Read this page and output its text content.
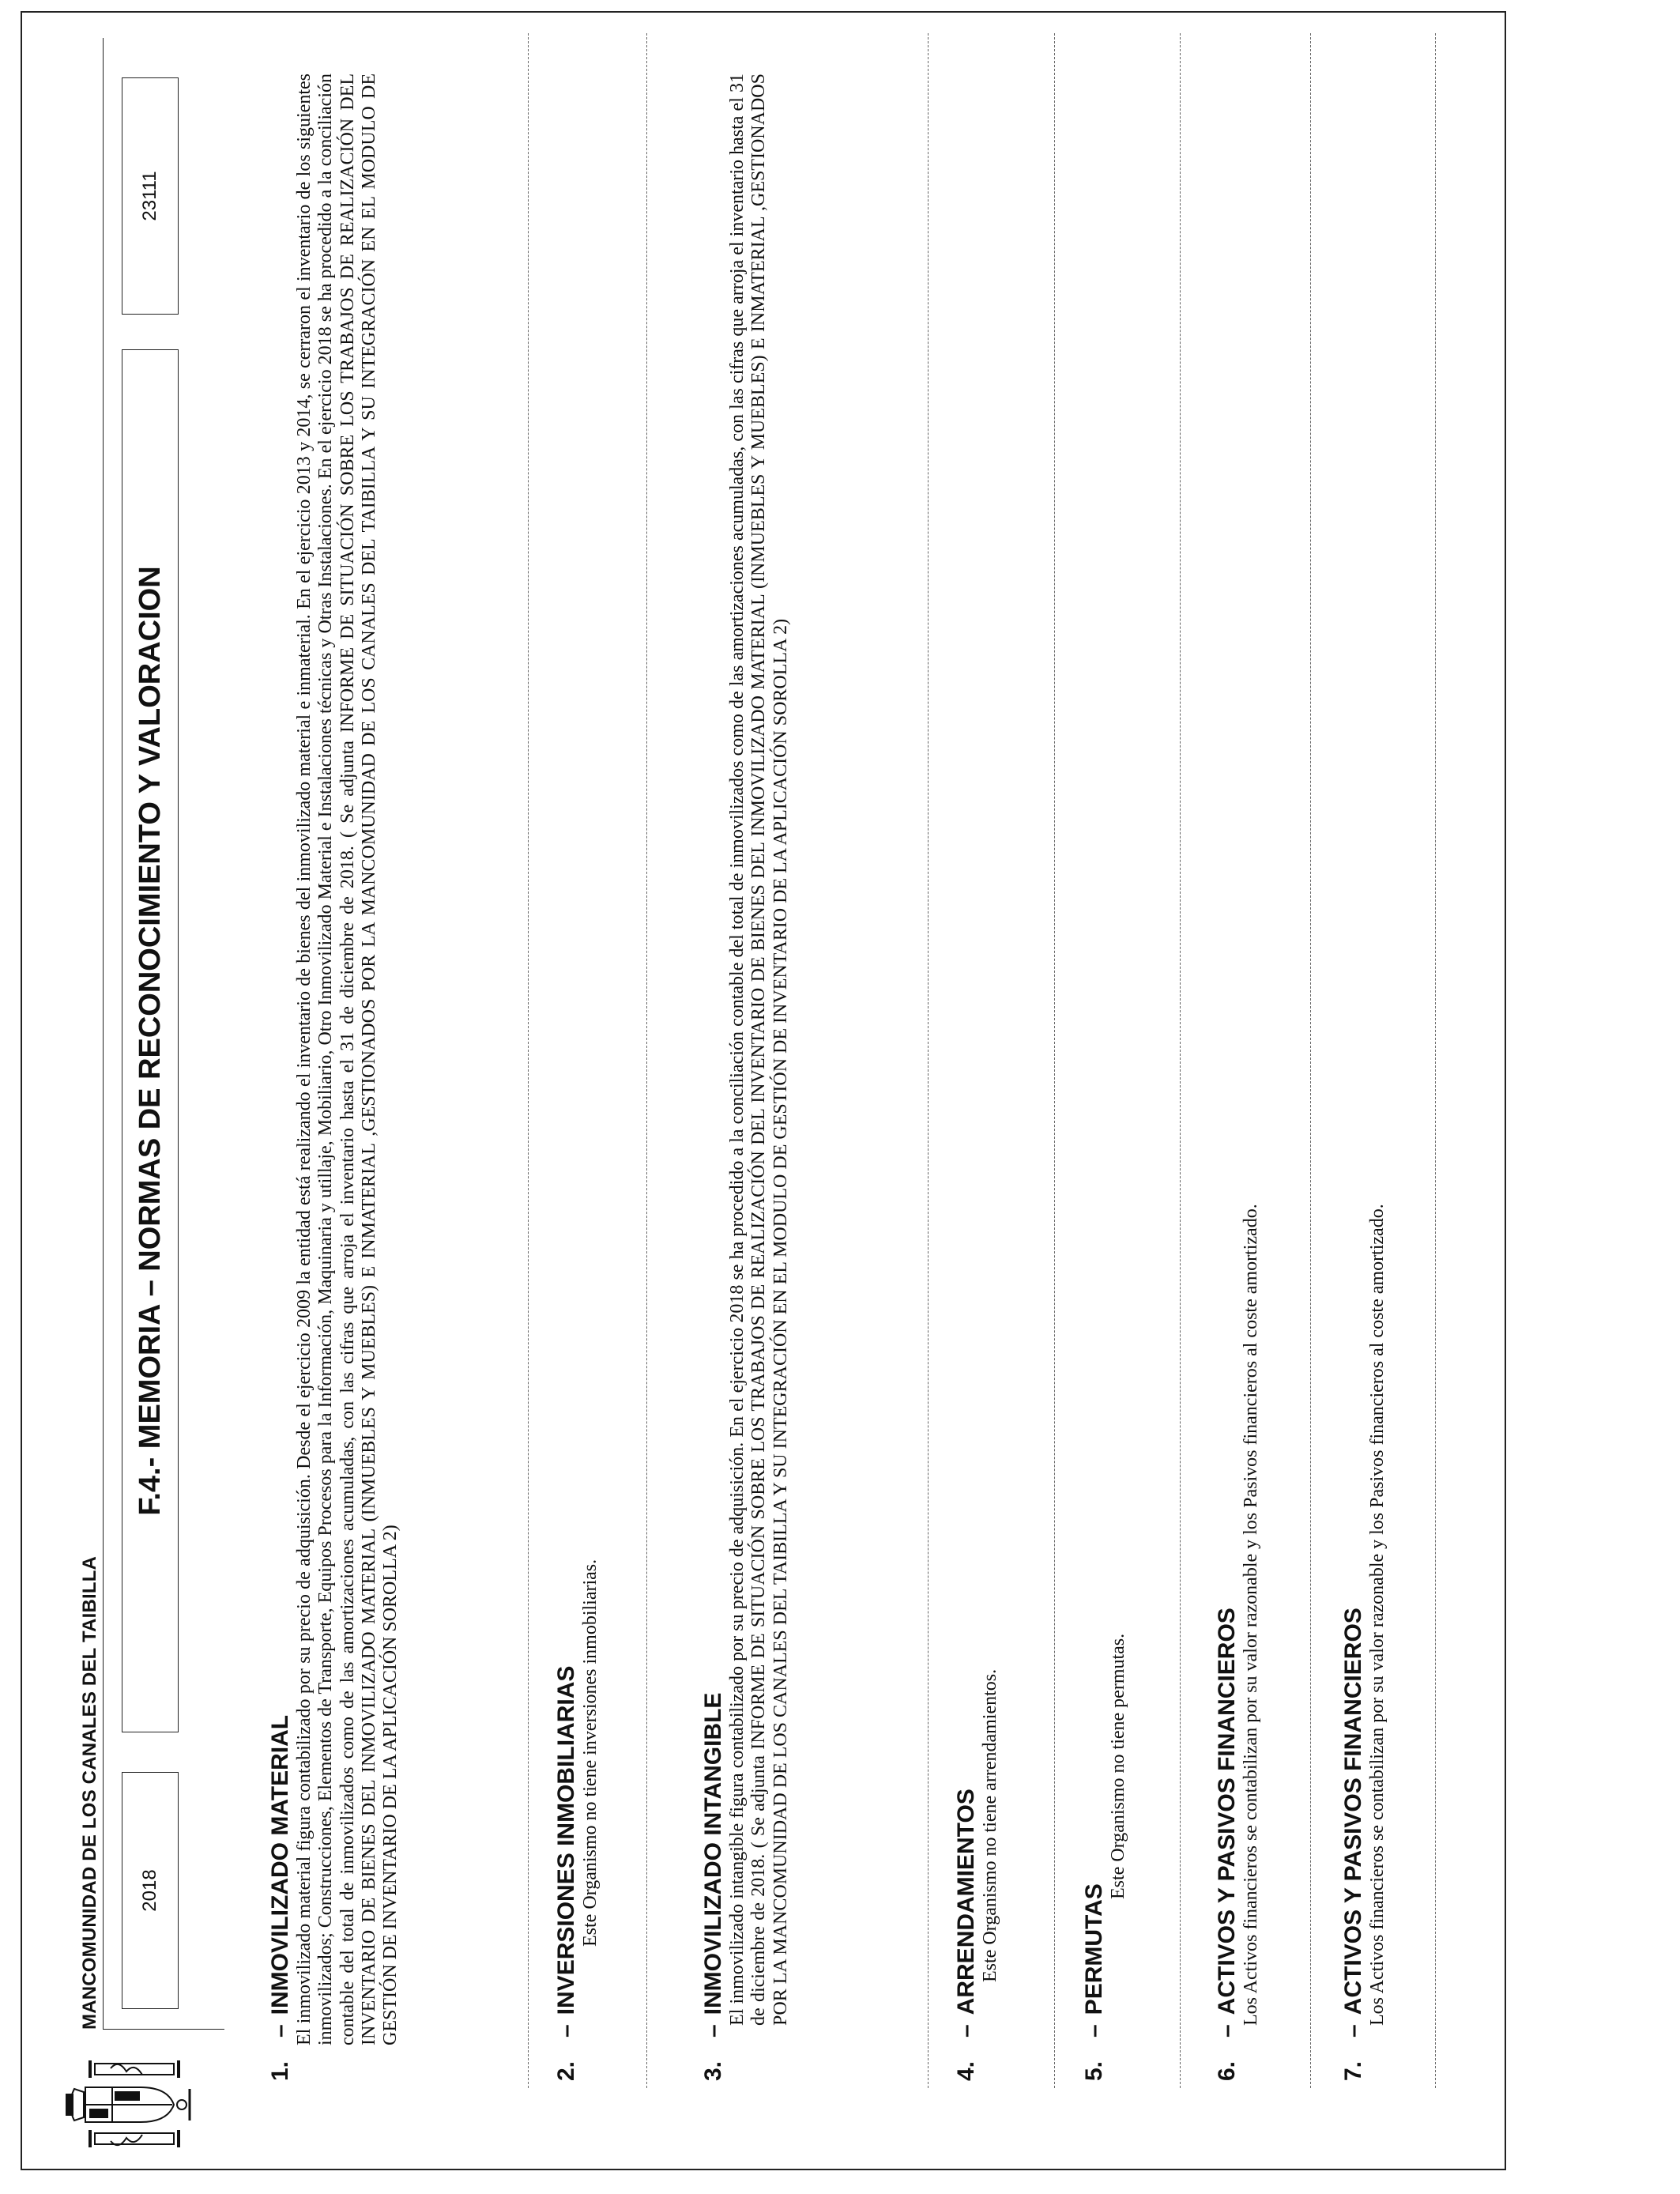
MANCOMUNIDAD DE LOS CANALES DEL TAIBILLA	2018
F.4.- MEMORIA – NORMAS DE RECONOCIMIENTO Y VALORACION
23111
1.
–
INMOVILIZADO MATERIAL El inmovilizado material figura contabilizado por su precio de adquisición. Desde el ejercicio 2009 la entidad está realizando el inventario de bienes del inmovilizado material e inmaterial. En el ejercicio 2013 y 2014, se cerraron el inventario de los siguientes inmovilizados; Construcciones, Elementos de Transporte, Equipos Procesos para la Información, Maquinaria y utillaje, Mobiliario, Otro Inmovilizado Material e Instalaciones técnicas y Otras Instalaciones. En el ejercicio 2018 se ha procedido a la conciliación contable del total de inmovilizados como de las amortizaciones acumuladas, con las cifras que arroja el inventario hasta el 31 de diciembre de 2018. ( Se adjunta INFORME DE SITUACIÓN SOBRE LOS TRABAJOS DE REALIZACIÓN DEL INVENTARIO DE BIENES DEL INMOVILIZADO MATERIAL (INMUEBLES Y MUEBLES) E INMATERIAL ,GESTIONADOS POR LA MANCOMUNIDAD DE LOS CANALES DEL TAIBILLA Y SU INTEGRACIÓN EN EL MODULO DE GESTIÓN DE INVENTARIO DE LA APLICACIÓN SOROLLA 2)
2.
–
INVERSIONES INMOBILIARIAS Este Organismo no tiene inversiones inmobiliarias.
3.
–
INMOVILIZADO INTANGIBLE El inmovilizado intangible figura contabilizado por su precio de adquisición. En el ejercicio 2018 se ha procedido a la conciliación contable del total de inmovilizados como de las amortizaciones acumuladas, con las cifras que arroja el inventario hasta el 31 de diciembre de 2018. ( Se adjunta INFORME DE SITUACIÓN SOBRE LOS TRABAJOS DE REALIZACIÓN DEL INVENTARIO DE BIENES DEL INMOVILIZADO MATERIAL (INMUEBLES Y MUEBLES) E INMATERIAL ,GESTIONADOS POR LA MANCOMUNIDAD DE LOS CANALES DEL TAIBILLA Y SU INTEGRACIÓN EN EL MODULO DE GESTIÓN DE INVENTARIO DE LA APLICACIÓN SOROLLA 2)
4.
–
ARRENDAMIENTOS Este Organismo no tiene arrendamientos.
5.
–
PERMUTAS
Este Organismo no tiene permutas.
6.
–
ACTIVOS Y PASIVOS FINANCIEROS Los Activos financieros se contabilizan por su valor razonable y los Pasivos financieros al coste amortizado.
7.
–
ACTIVOS Y PASIVOS FINANCIEROS Los Activos financieros se contabilizan por su valor razonable y los Pasivos financieros al coste amortizado.
